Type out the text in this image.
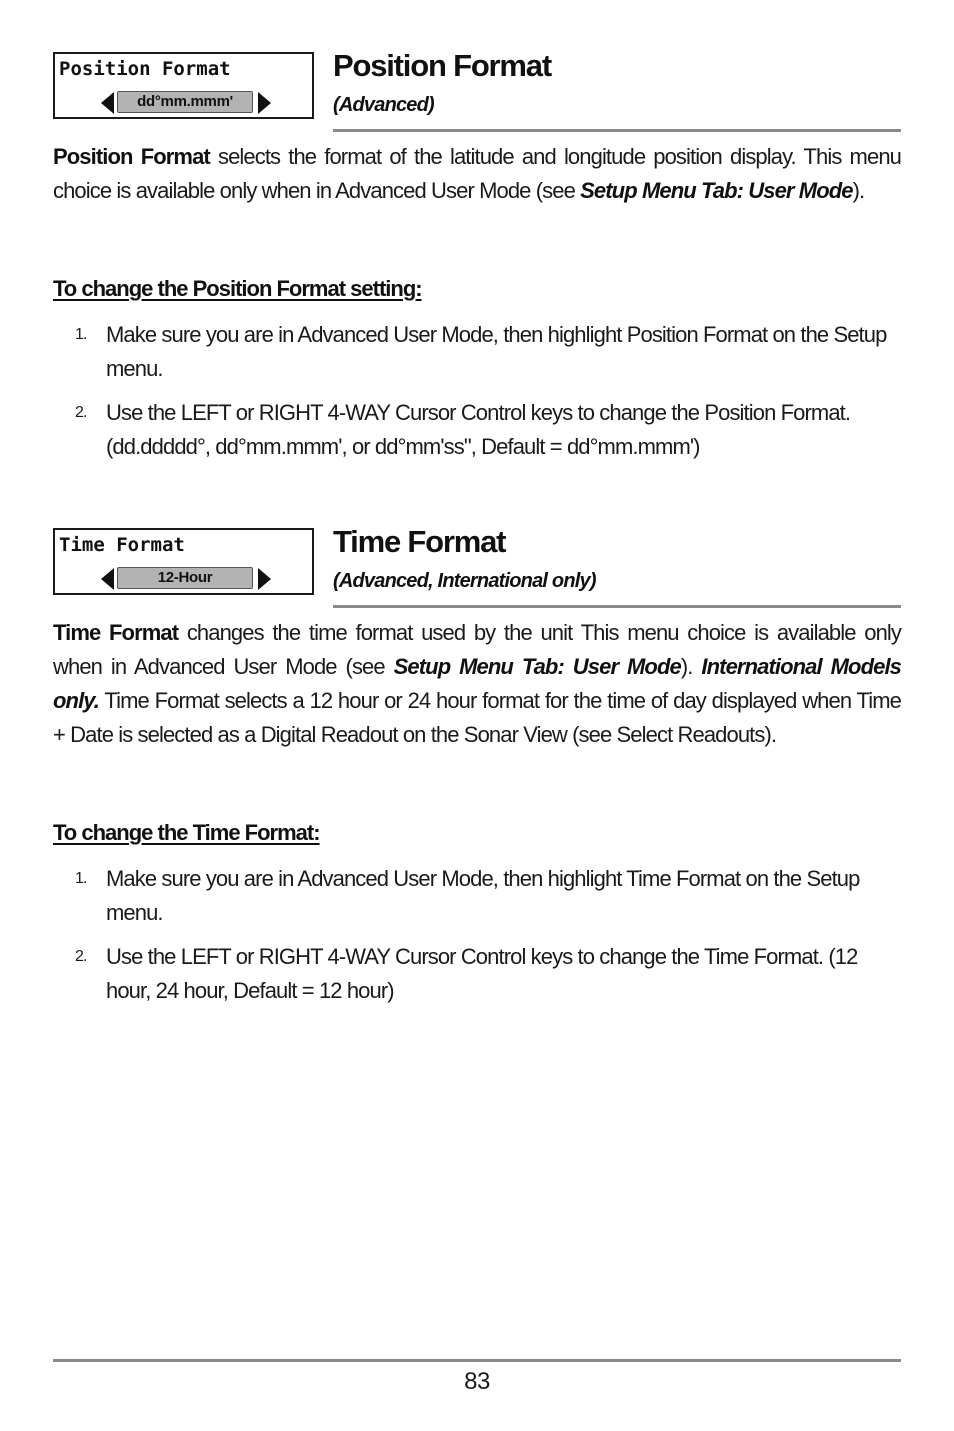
Position Format
dd°mm.mmm'
Position Format
(Advanced)

Position Format selects the format of the latitude and longitude position display. This menu choice is available only when in Advanced User Mode (see Setup Menu Tab: User Mode).

To change the Position Format setting:
1. Make sure you are in Advanced User Mode, then highlight Position Format on the Setup menu.
2. Use the LEFT or RIGHT 4-WAY Cursor Control keys to change the Position Format. (dd.ddddd°, dd°mm.mmm', or dd°mm'ss", Default = dd°mm.mmm')
Time Format
12-Hour
Time Format
(Advanced, International only)

Time Format changes the time format used by the unit This menu choice is available only when in Advanced User Mode (see Setup Menu Tab: User Mode). International Models only. Time Format selects a 12 hour or 24 hour format for the time of day displayed when Time + Date is selected as a Digital Readout on the Sonar View (see Select Readouts).

To change the Time Format:
1. Make sure you are in Advanced User Mode, then highlight Time Format on the Setup menu.
2. Use the LEFT or RIGHT 4-WAY Cursor Control keys to change the Time Format. (12 hour, 24 hour, Default = 12 hour)
83
